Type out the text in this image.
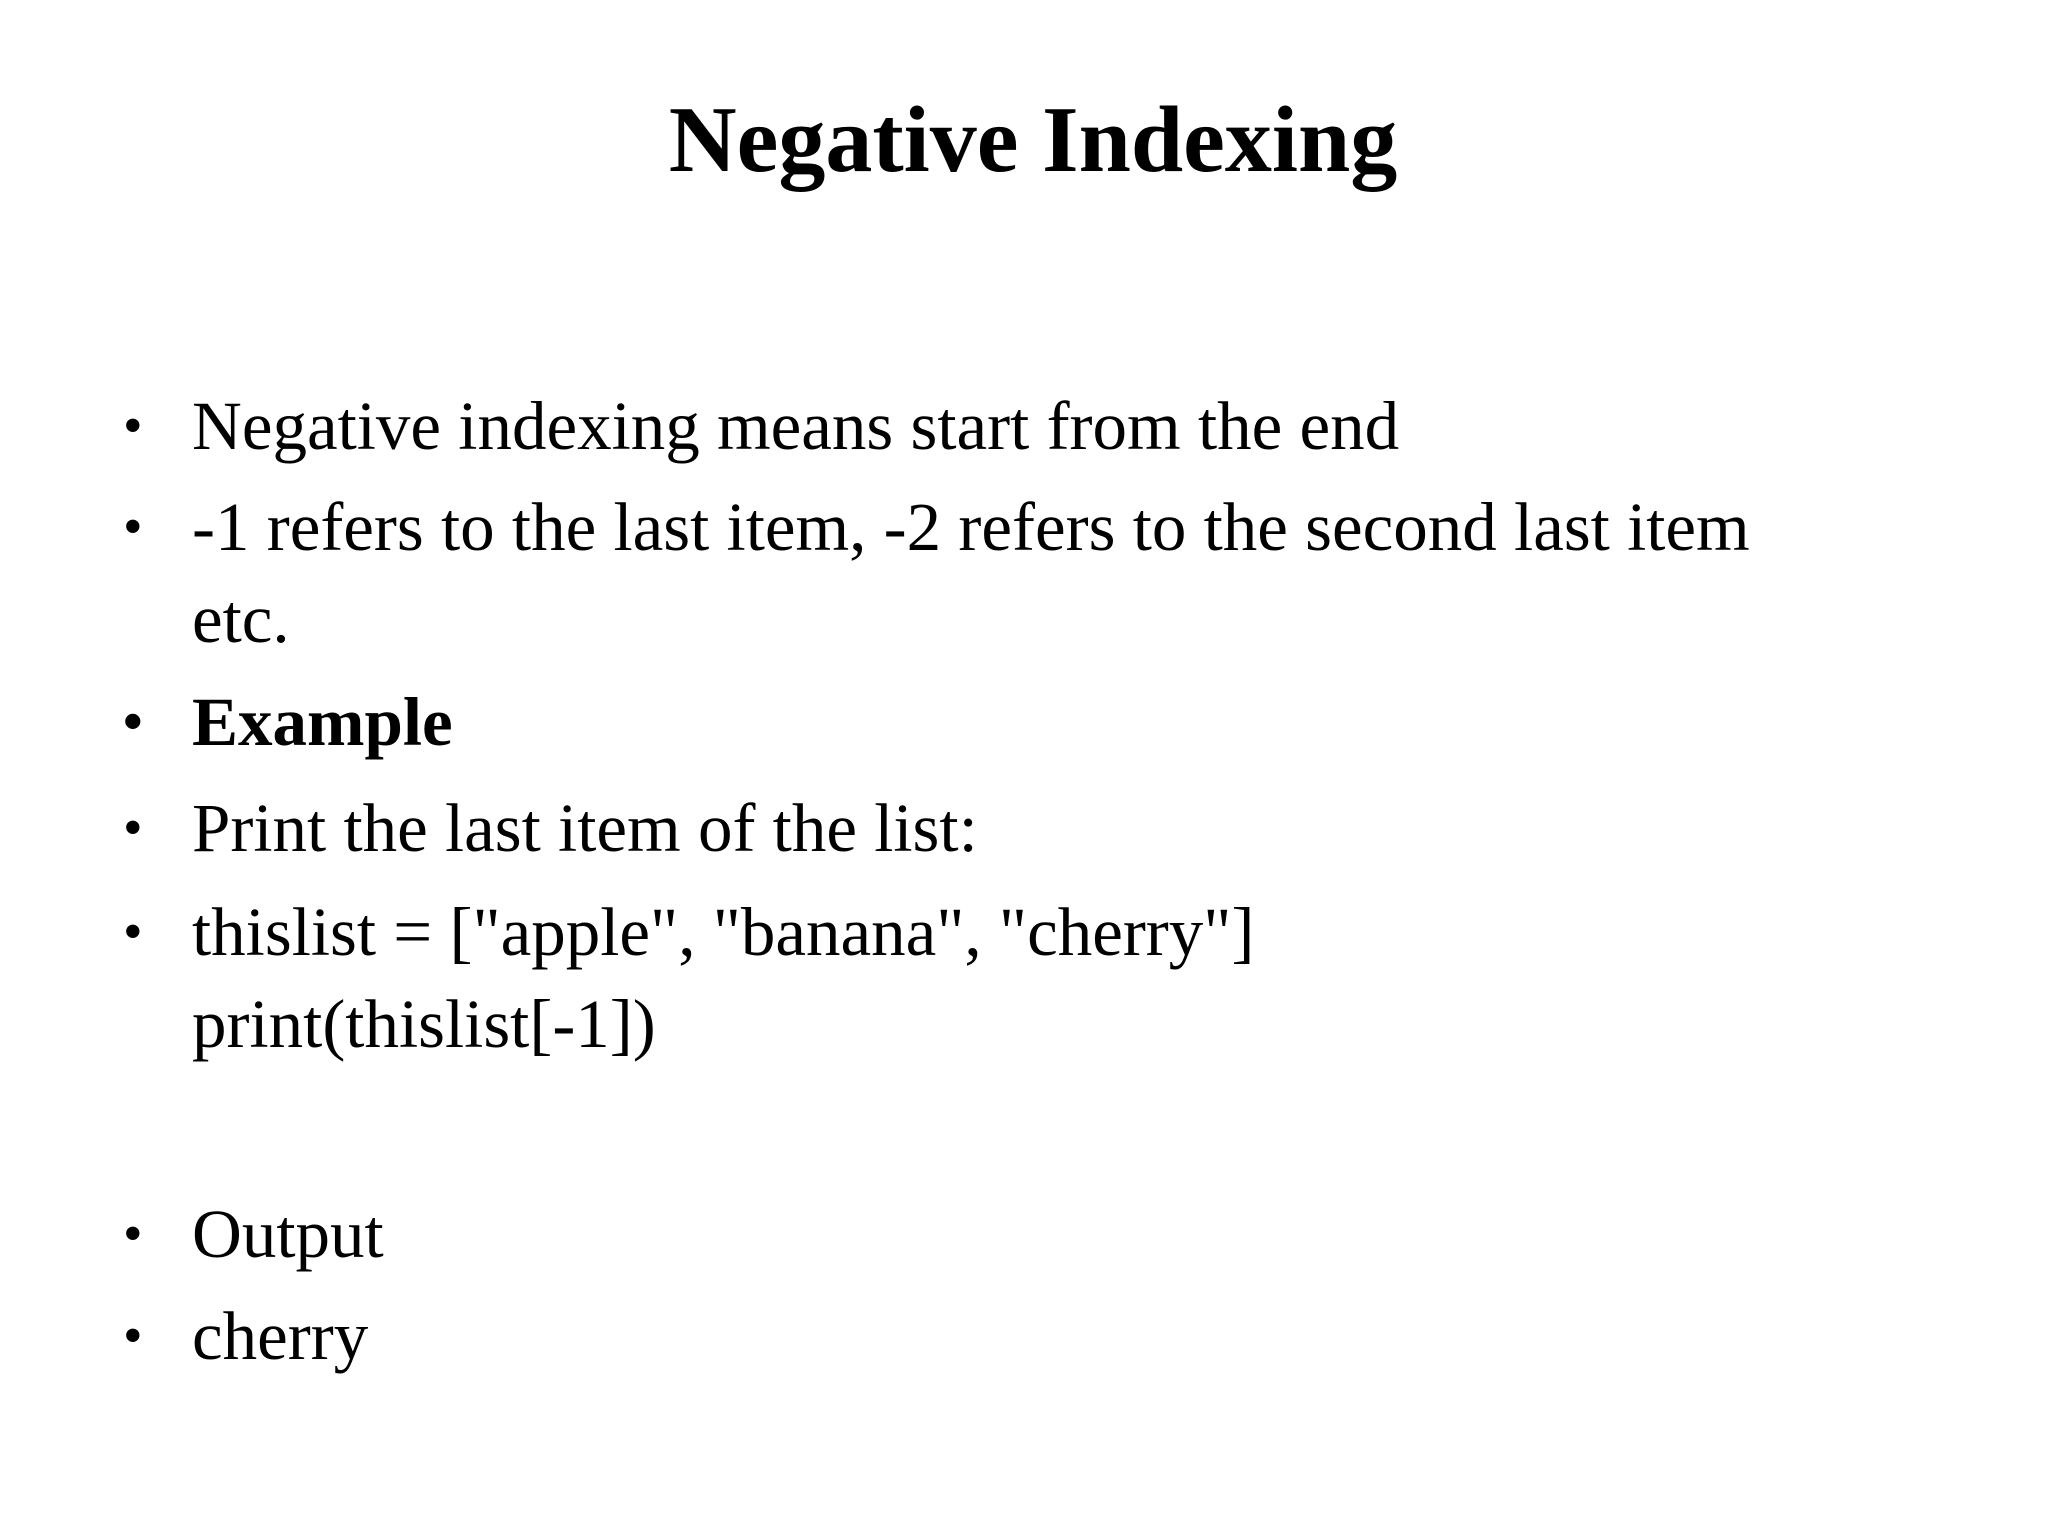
Negative Indexing
• Negative indexing means start from the end
• -1 refers to the last item, -2 refers to the second last item
etc.
• Example
• Print the last item of the list:
• thislist = ["apple", "banana", "cherry"]
print(thislist[-1])
• Output
• cherry
